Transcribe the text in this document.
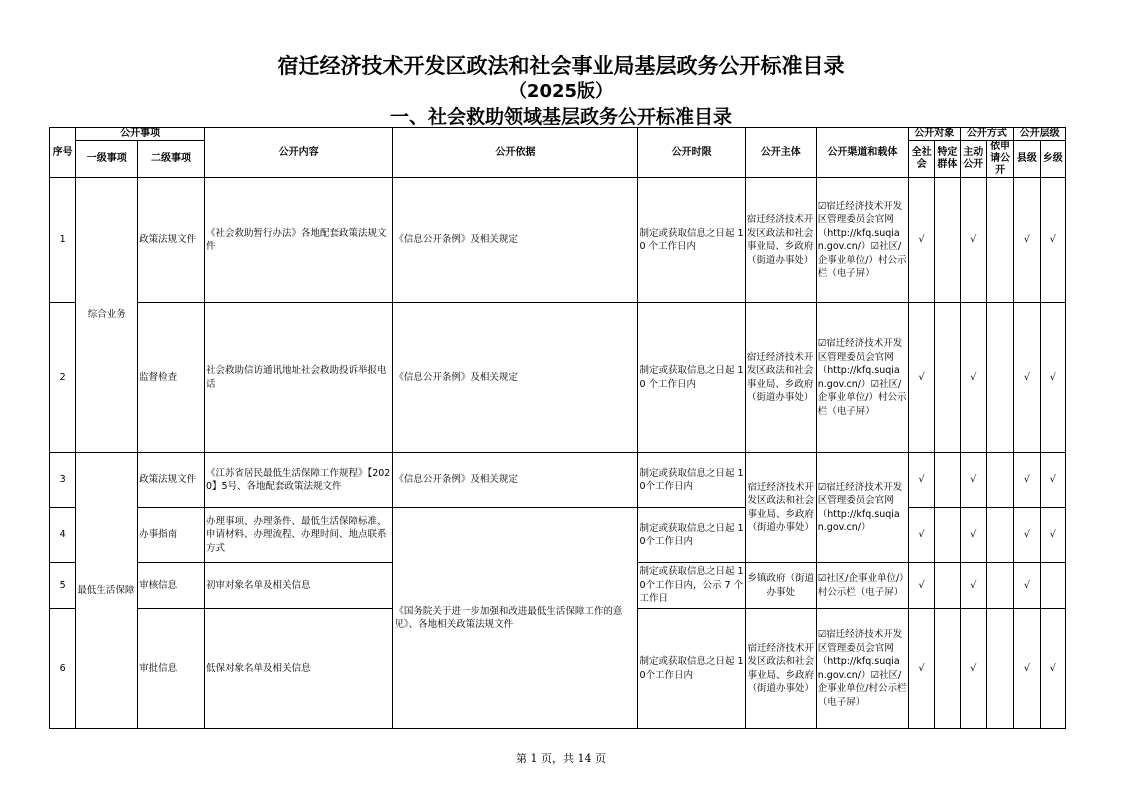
宿迁经济技术开发区政法和社会事业局基层政务公开标准目录
（2025版）
一、社会救助领域基层政务公开标准目录
序号	公开事项		公开内容	公开依据	公开时限	公开主体	公开渠道和载体	公开对象		公开方式		公开层级	
	一级事项	二级事项						全社会	特定群体	主动公开	依申请公开	县级	乡级
1	综合业务	政策法规文件	《社会救助暂行办法》各地配套政策法规文件	《信息公开条例》及相关规定	制定或获取信息之日起 10 个工作日内	宿迁经济技术开发区政法和社会事业局、乡政府（街道办事处）	☑宿迁经济技术开发区管理委员会官网（http://kfq.suqian.gov.cn/）☑社区/企事业单位/）村公示栏（电子屏）	√		√		√	√
2		监督检查	社会救助信访通讯地址社会救助投诉举报电话	《信息公开条例》及相关规定	制定或获取信息之日起 10 个工作日内	宿迁经济技术开发区政法和社会事业局、乡政府（街道办事处）	☑宿迁经济技术开发区管理委员会官网（http://kfq.suqian.gov.cn/）☑社区/企事业单位/）村公示栏（电子屏）	√		√		√	√
3	最低生活保障	政策法规文件	《江苏省居民最低生活保障工作规程》【2020】5号、各地配套政策法规文件	《信息公开条例》及相关规定	制定或获取信息之日起 10个工作日内	宿迁经济技术开发区政法和社会事业局、乡政府（街道办事处）	☑宿迁经济技术开发区管理委员会官网（http://kfq.suqian.gov.cn/）	√		√		√	√
4		办事指南	办理事项、办理条件、最低生活保障标准、申请材料、办理流程、办理时间、地点联系方式	《国务院关于进一步加强和改进最低生活保障工作的意见》、各地相关政策法规文件	制定或获取信息之日起 10个工作日内			√		√		√	√
5		审核信息	初审对象名单及相关信息		制定或获取信息之日起 10个工作日内，公示 7 个工作日	乡镇政府（街道办事处	☑社区/企事业单位/）村公示栏（电子屏）	√		√		√	
6		审批信息	低保对象名单及相关信息		制定或获取信息之日起 10个工作日内	宿迁经济技术开发区政法和社会事业局、乡政府（街道办事处）	☑宿迁经济技术开发区管理委员会官网（http://kfq.suqian.gov.cn/）☑社区/企事业单位/村公示栏（电子屏）	√		√		√	√
第 1 页，共 14 页
